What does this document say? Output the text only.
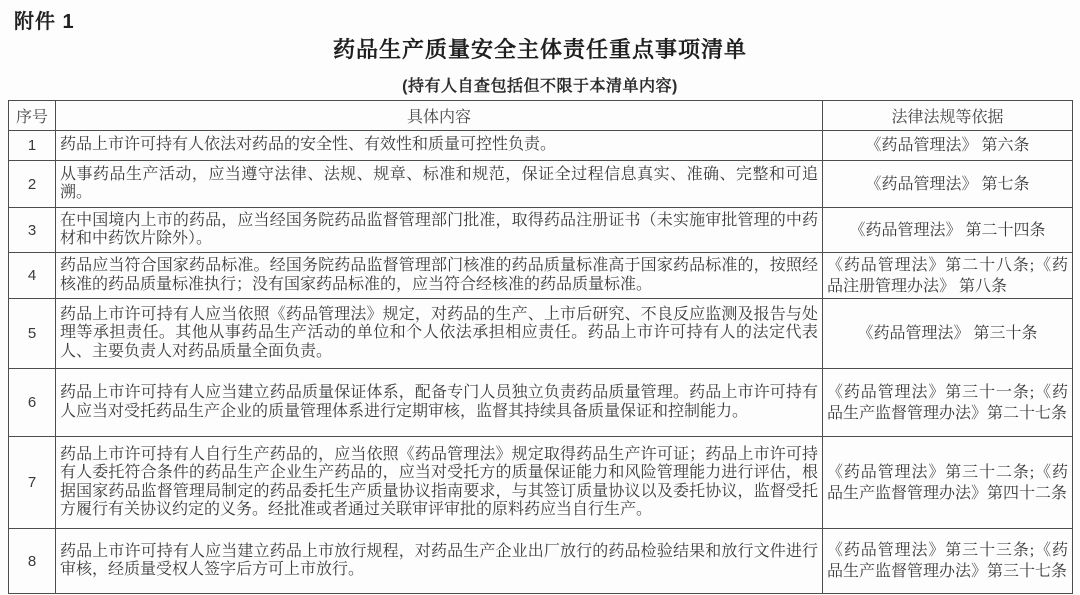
附件 1
药品生产质量安全主体责任重点事项清单
(持有人自查包括但不限于本清单内容)
序号	具体内容	法律法规等依据
1	药品上市许可持有人依法对药品的安全性、有效性和质量可控性负责。	《药品管理法》 第六条
2	从事药品生产活动，应当遵守法律、法规、规章、标准和规范，保证全过程信息真实、准确、完整和可追溯。	《药品管理法》 第七条
3	在中国境内上市的药品，应当经国务院药品监督管理部门批准，取得药品注册证书（未实施审批管理的中药材和中药饮片除外）。	《药品管理法》 第二十四条
4	药品应当符合国家药品标准。经国务院药品监督管理部门核准的药品质量标准高于国家药品标准的，按照经核准的药品质量标准执行；没有国家药品标准的，应当符合经核准的药品质量标准。	《药品管理法》第二十八条;《药品注册管理办法》 第八条
5	药品上市许可持有人应当依照《药品管理法》规定，对药品的生产、上市后研究、不良反应监测及报告与处理等承担责任。其他从事药品生产活动的单位和个人依法承担相应责任。药品上市许可持有人的法定代表人、主要负责人对药品质量全面负责。	《药品管理法》 第三十条
6	药品上市许可持有人应当建立药品质量保证体系，配备专门人员独立负责药品质量管理。药品上市许可持有人应当对受托药品生产企业的质量管理体系进行定期审核，监督其持续具备质量保证和控制能力。	《药品管理法》第三十一条;《药品生产监督管理办法》第二十七条
7	药品上市许可持有人自行生产药品的，应当依照《药品管理法》规定取得药品生产许可证；药品上市许可持有人委托符合条件的药品生产企业生产药品的，应当对受托方的质量保证能力和风险管理能力进行评估，根据国家药品监督管理局制定的药品委托生产质量协议指南要求，与其签订质量协议以及委托协议，监督受托方履行有关协议约定的义务。经批准或者通过关联审评审批的原料药应当自行生产。	《药品管理法》第三十二条;《药品生产监督管理办法》第四十二条
8	药品上市许可持有人应当建立药品上市放行规程，对药品生产企业出厂放行的药品检验结果和放行文件进行审核，经质量受权人签字后方可上市放行。	《药品管理法》第三十三条;《药品生产监督管理办法》第三十七条
